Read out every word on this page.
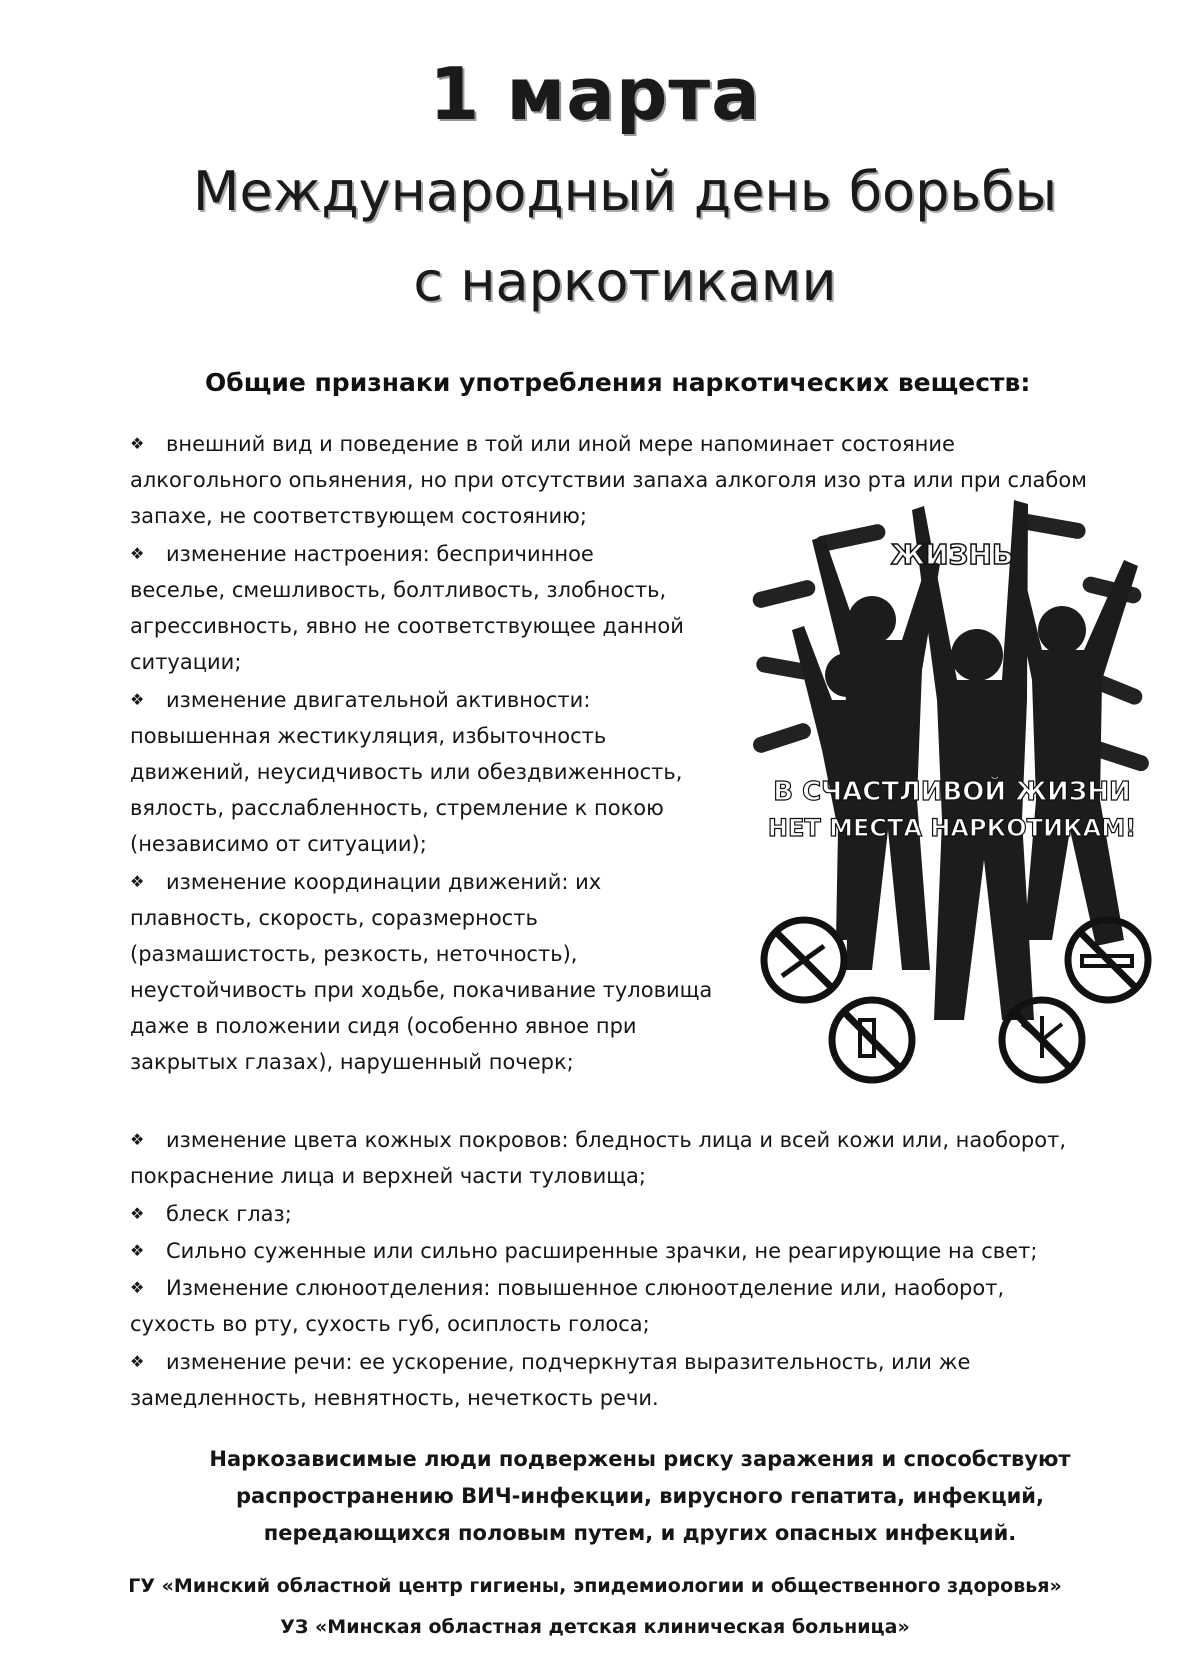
1 марта
Международный день борьбы
с наркотиками
Общие признаки употребления наркотических веществ:
❖ внешний вид и поведение в той или иной мере напоминает состояние
алкогольного опьянения, но при отсутствии запаха алкоголя изо рта или при слабом запахе, не соответствующем состоянию;
❖ изменение настроения: беспричинное
веселье, смешливость, болтливость, злобность, агрессивность, явно не соответствующее данной ситуации;
❖ изменение двигательной активности:
повышенная жестикуляция, избыточность движений, неусидчивость или обездвиженность, вялость, расслабленность, стремление к покою (независимо от ситуации);
❖ изменение координации движений: их
плавность, скорость, соразмерность (размашистость, резкость, неточность), неустойчивость при ходьбе, покачивание туловища даже в положении сидя (особенно явное при закрытых глазах), нарушенный почерк;
❖ изменение цвета кожных покровов: бледность лица и всей кожи или, наоборот,
покраснение лица и верхней части туловища;
❖ блеск глаз;
❖ Сильно суженные или сильно расширенные зрачки, не реагирующие на свет;
❖ Изменение слюноотделения: повышенное слюноотделение или, наоборот,
сухость во рту, сухость губ, осиплость голоса;
❖ изменение речи: ее ускорение, подчеркнутая выразительность, или же
замедленность, невнятность, нечеткость речи.
ЖИЗНЬ
В СЧАСТЛИВОЙ ЖИЗНИ
НЕТ МЕСТА НАРКОТИКАМ!
Наркозависимые люди подвержены риску заражения и способствуют распространению ВИЧ-инфекции, вирусного гепатита, инфекций, передающихся половым путем, и других опасных инфекций.
ГУ «Минский областной центр гигиены, эпидемиологии и общественного здоровья»
УЗ «Минская областная детская клиническая больница»
